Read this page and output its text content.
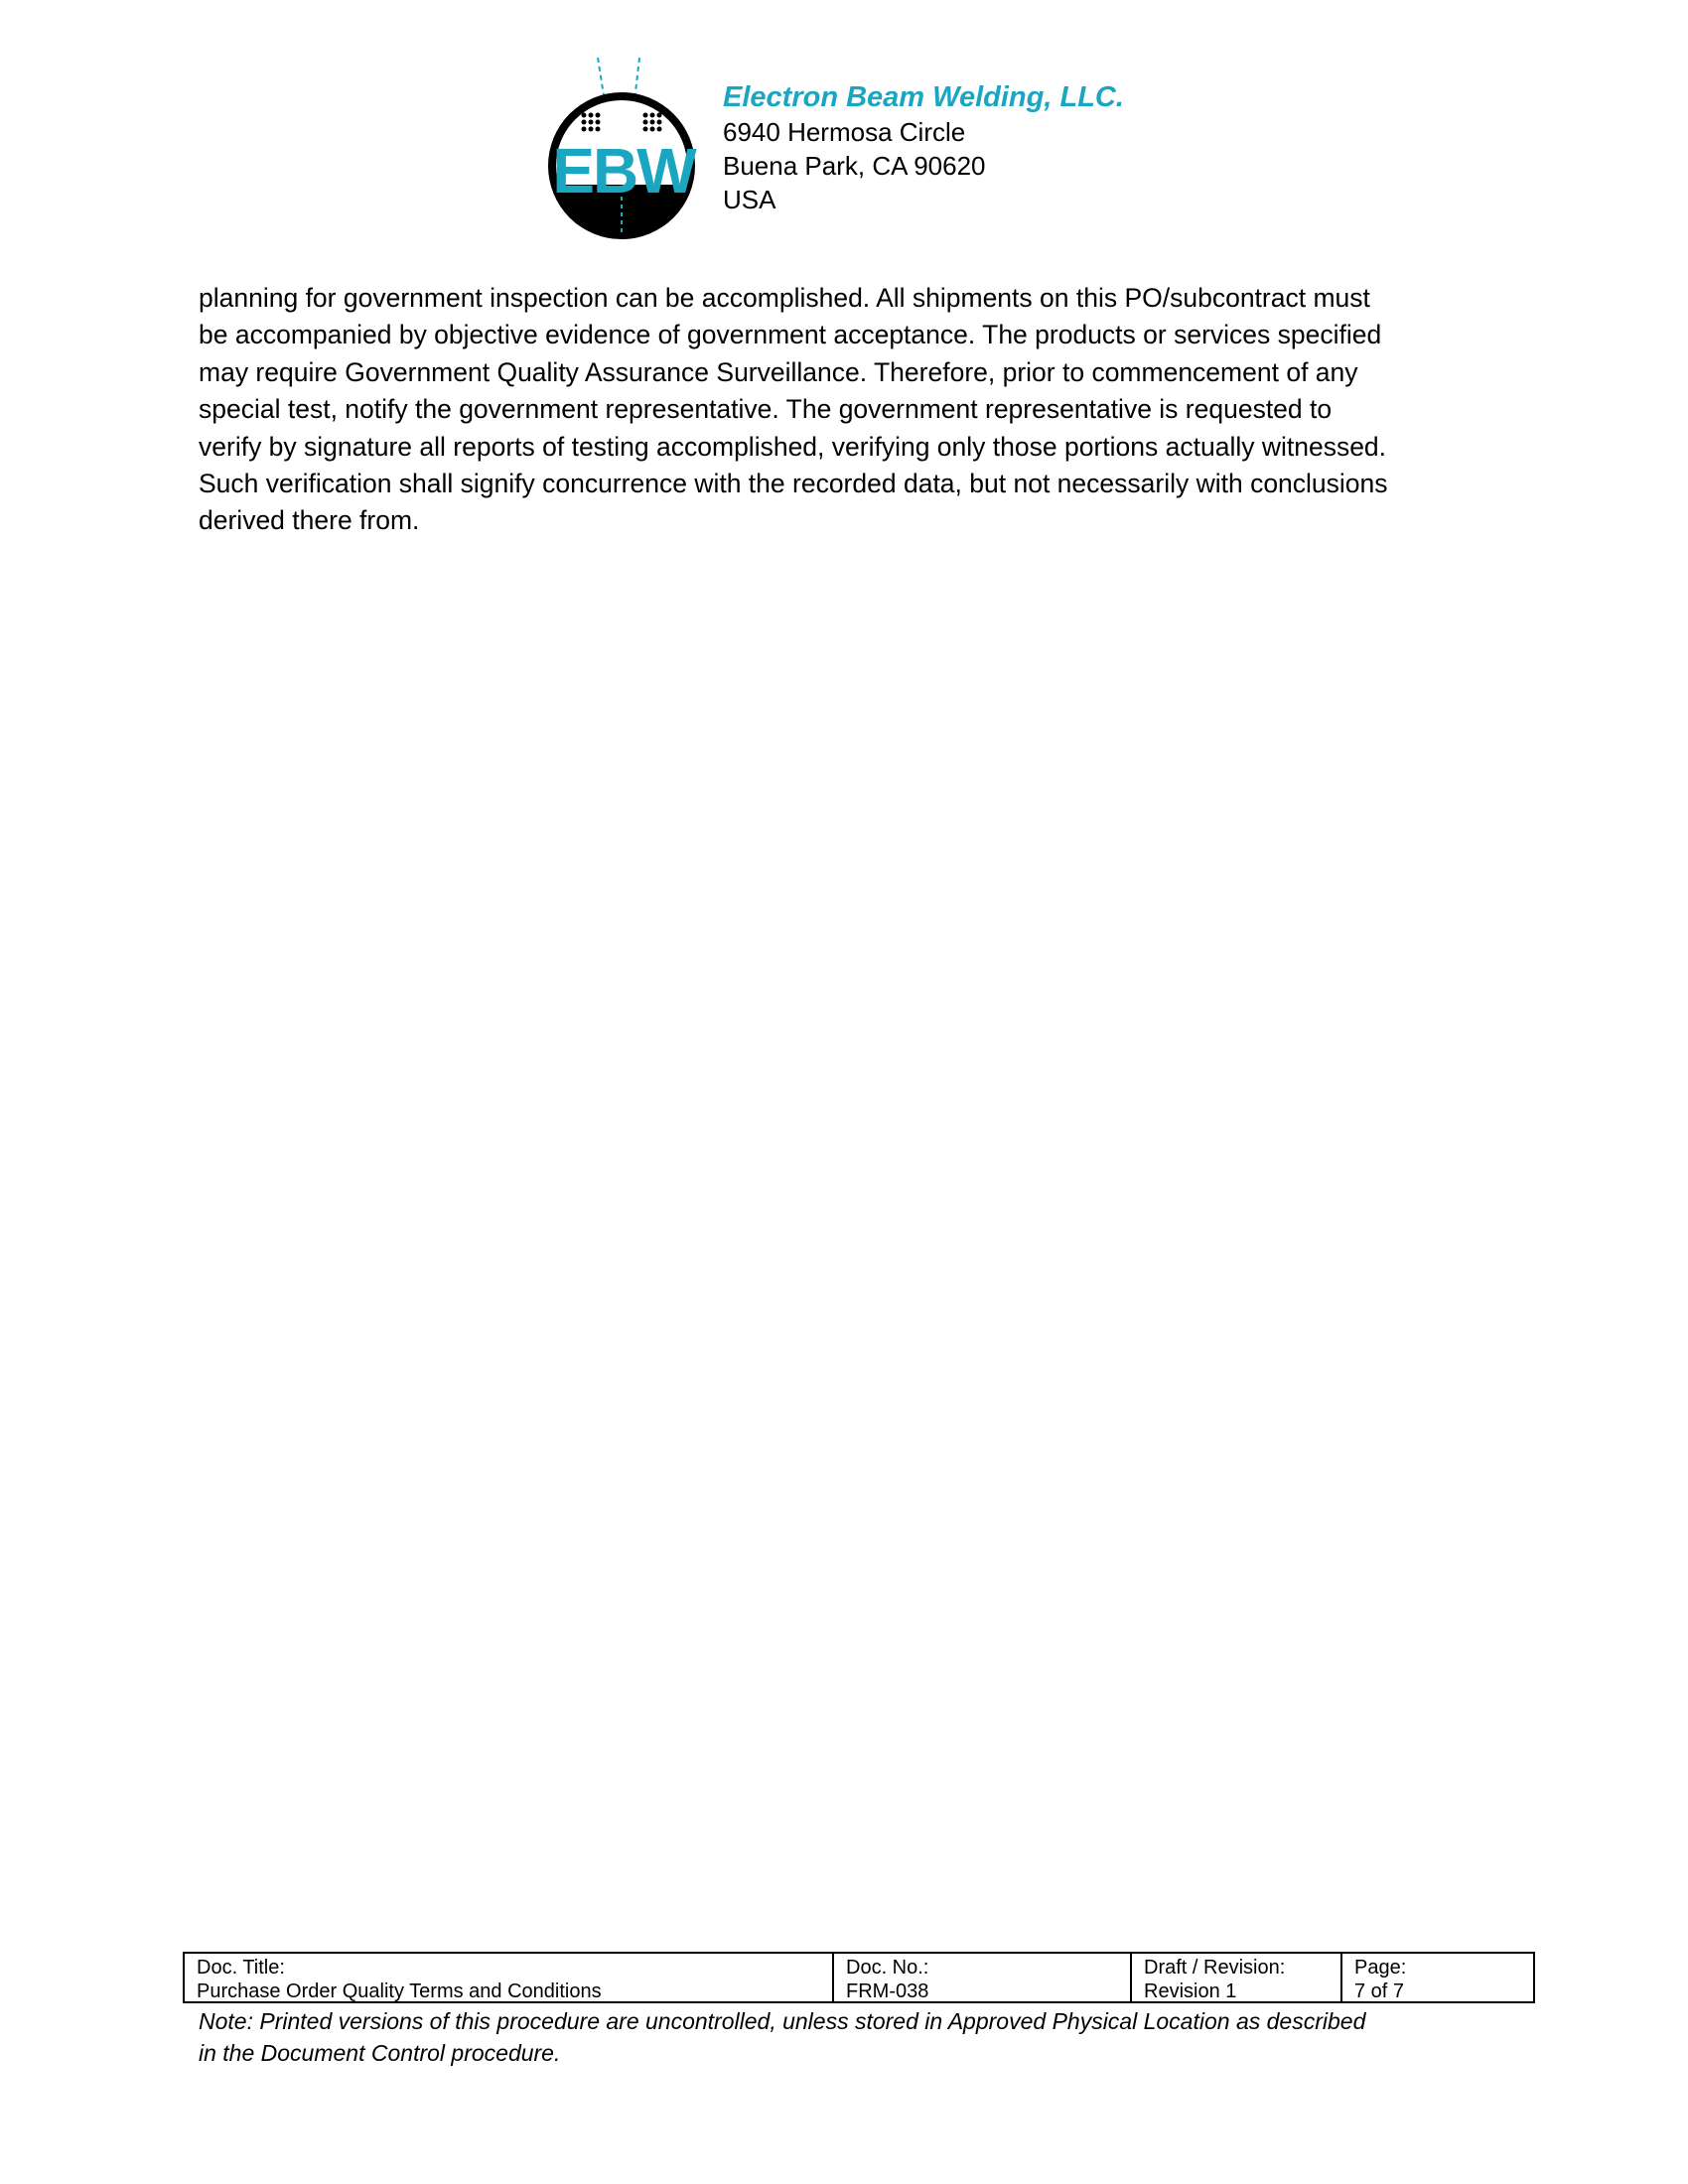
EBW
Electron Beam Welding, LLC.
6940 Hermosa Circle
Buena Park, CA 90620
USA

planning for government inspection can be accomplished. All shipments on this PO/subcontract must
be accompanied by objective evidence of government acceptance. The products or services specified
may require Government Quality Assurance Surveillance. Therefore, prior to commencement of any
special test, notify the government representative. The government representative is requested to
verify by signature all reports of testing accomplished, verifying only those portions actually witnessed.
Such verification shall signify concurrence with the recorded data, but not necessarily with conclusions
derived there from.

Doc. Title:
Purchase Order Quality Terms and Conditions
Doc. No.:
FRM-038
Draft / Revision:
Revision 1
Page:
7 of 7

Note: Printed versions of this procedure are uncontrolled, unless stored in Approved Physical Location as described
in the Document Control procedure.
